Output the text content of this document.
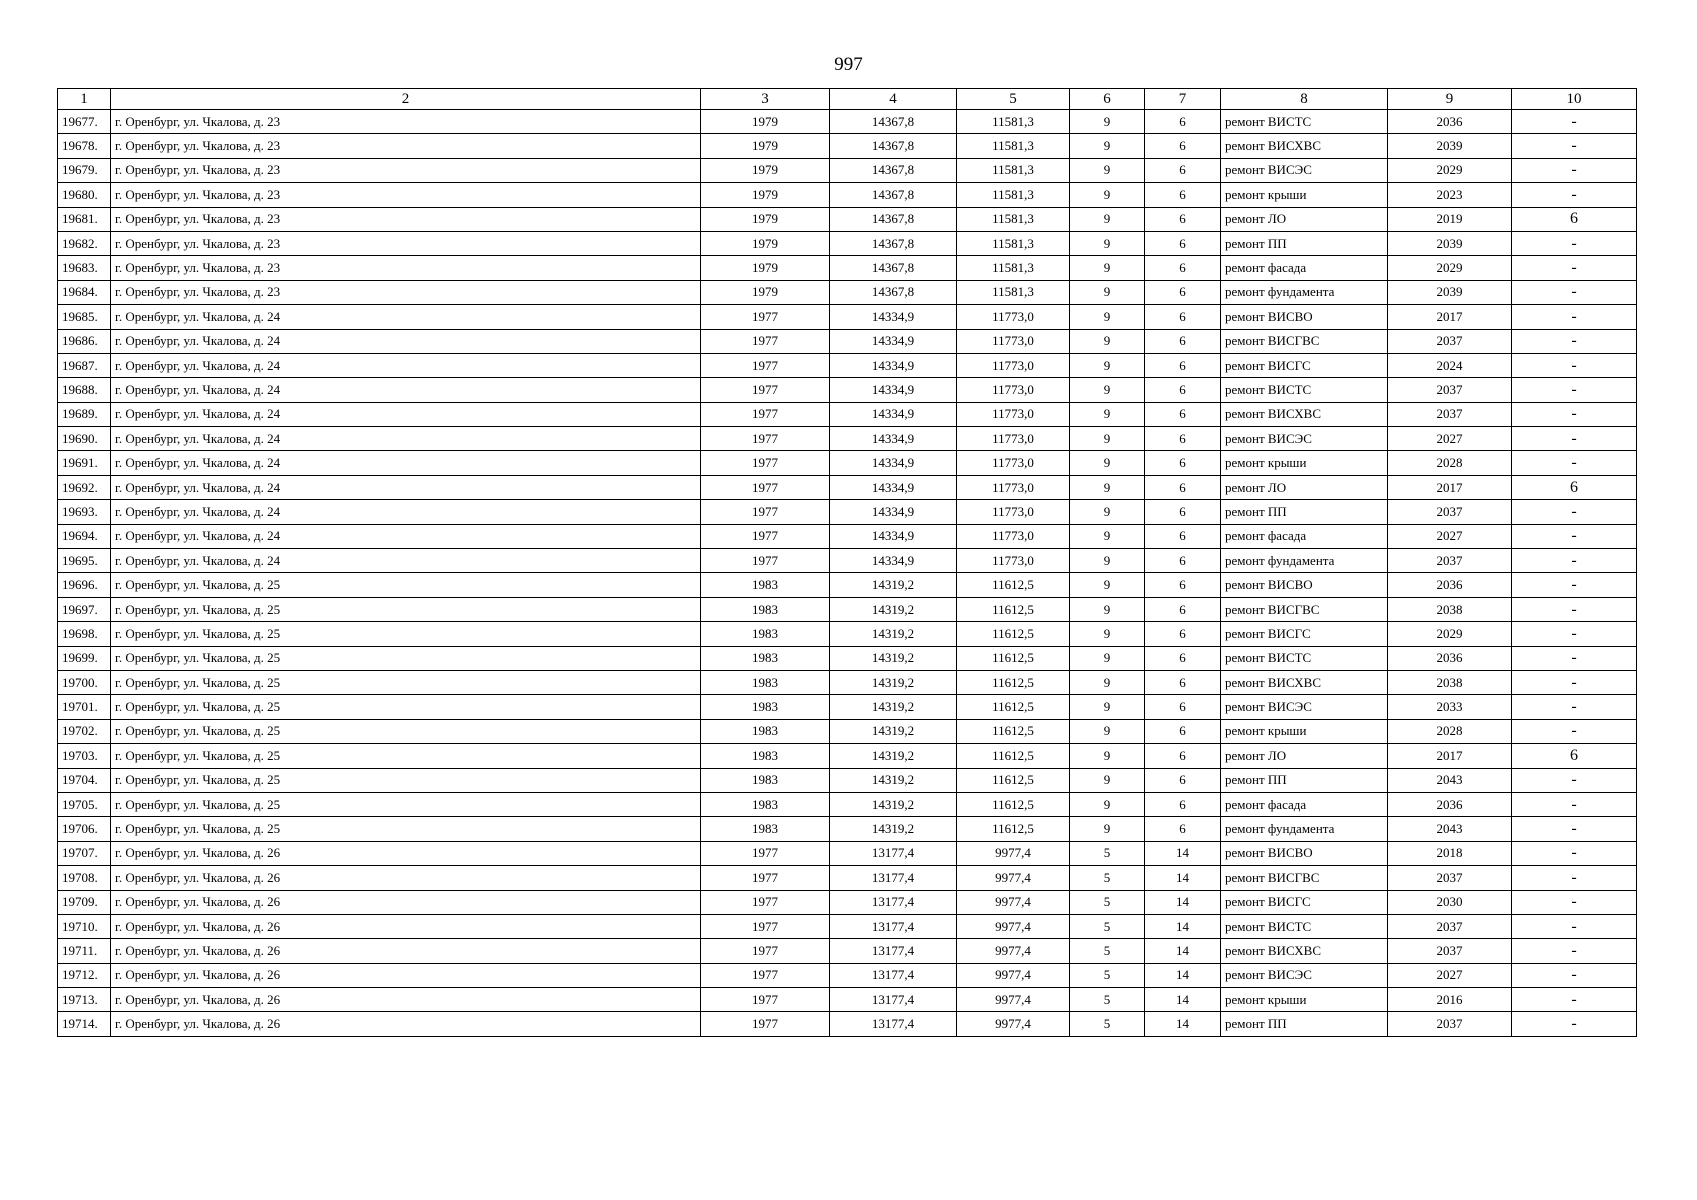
997
1	2	3	4	5	6	7	8	9	10
19677.	г. Оренбург, ул. Чкалова, д. 23	1979	14367,8	11581,3	9	6	ремонт ВИСТС	2036	-
19678.	г. Оренбург, ул. Чкалова, д. 23	1979	14367,8	11581,3	9	6	ремонт ВИСХВС	2039	-
19679.	г. Оренбург, ул. Чкалова, д. 23	1979	14367,8	11581,3	9	6	ремонт ВИСЭС	2029	-
19680.	г. Оренбург, ул. Чкалова, д. 23	1979	14367,8	11581,3	9	6	ремонт крыши	2023	-
19681.	г. Оренбург, ул. Чкалова, д. 23	1979	14367,8	11581,3	9	6	ремонт ЛО	2019	6
19682.	г. Оренбург, ул. Чкалова, д. 23	1979	14367,8	11581,3	9	6	ремонт ПП	2039	-
19683.	г. Оренбург, ул. Чкалова, д. 23	1979	14367,8	11581,3	9	6	ремонт фасада	2029	-
19684.	г. Оренбург, ул. Чкалова, д. 23	1979	14367,8	11581,3	9	6	ремонт фундамента	2039	-
19685.	г. Оренбург, ул. Чкалова, д. 24	1977	14334,9	11773,0	9	6	ремонт ВИСВО	2017	-
19686.	г. Оренбург, ул. Чкалова, д. 24	1977	14334,9	11773,0	9	6	ремонт ВИСГВС	2037	-
19687.	г. Оренбург, ул. Чкалова, д. 24	1977	14334,9	11773,0	9	6	ремонт ВИСГС	2024	-
19688.	г. Оренбург, ул. Чкалова, д. 24	1977	14334,9	11773,0	9	6	ремонт ВИСТС	2037	-
19689.	г. Оренбург, ул. Чкалова, д. 24	1977	14334,9	11773,0	9	6	ремонт ВИСХВС	2037	-
19690.	г. Оренбург, ул. Чкалова, д. 24	1977	14334,9	11773,0	9	6	ремонт ВИСЭС	2027	-
19691.	г. Оренбург, ул. Чкалова, д. 24	1977	14334,9	11773,0	9	6	ремонт крыши	2028	-
19692.	г. Оренбург, ул. Чкалова, д. 24	1977	14334,9	11773,0	9	6	ремонт ЛО	2017	6
19693.	г. Оренбург, ул. Чкалова, д. 24	1977	14334,9	11773,0	9	6	ремонт ПП	2037	-
19694.	г. Оренбург, ул. Чкалова, д. 24	1977	14334,9	11773,0	9	6	ремонт фасада	2027	-
19695.	г. Оренбург, ул. Чкалова, д. 24	1977	14334,9	11773,0	9	6	ремонт фундамента	2037	-
19696.	г. Оренбург, ул. Чкалова, д. 25	1983	14319,2	11612,5	9	6	ремонт ВИСВО	2036	-
19697.	г. Оренбург, ул. Чкалова, д. 25	1983	14319,2	11612,5	9	6	ремонт ВИСГВС	2038	-
19698.	г. Оренбург, ул. Чкалова, д. 25	1983	14319,2	11612,5	9	6	ремонт ВИСГС	2029	-
19699.	г. Оренбург, ул. Чкалова, д. 25	1983	14319,2	11612,5	9	6	ремонт ВИСТС	2036	-
19700.	г. Оренбург, ул. Чкалова, д. 25	1983	14319,2	11612,5	9	6	ремонт ВИСХВС	2038	-
19701.	г. Оренбург, ул. Чкалова, д. 25	1983	14319,2	11612,5	9	6	ремонт ВИСЭС	2033	-
19702.	г. Оренбург, ул. Чкалова, д. 25	1983	14319,2	11612,5	9	6	ремонт крыши	2028	-
19703.	г. Оренбург, ул. Чкалова, д. 25	1983	14319,2	11612,5	9	6	ремонт ЛО	2017	6
19704.	г. Оренбург, ул. Чкалова, д. 25	1983	14319,2	11612,5	9	6	ремонт ПП	2043	-
19705.	г. Оренбург, ул. Чкалова, д. 25	1983	14319,2	11612,5	9	6	ремонт фасада	2036	-
19706.	г. Оренбург, ул. Чкалова, д. 25	1983	14319,2	11612,5	9	6	ремонт фундамента	2043	-
19707.	г. Оренбург, ул. Чкалова, д. 26	1977	13177,4	9977,4	5	14	ремонт ВИСВО	2018	-
19708.	г. Оренбург, ул. Чкалова, д. 26	1977	13177,4	9977,4	5	14	ремонт ВИСГВС	2037	-
19709.	г. Оренбург, ул. Чкалова, д. 26	1977	13177,4	9977,4	5	14	ремонт ВИСГС	2030	-
19710.	г. Оренбург, ул. Чкалова, д. 26	1977	13177,4	9977,4	5	14	ремонт ВИСТС	2037	-
19711.	г. Оренбург, ул. Чкалова, д. 26	1977	13177,4	9977,4	5	14	ремонт ВИСХВС	2037	-
19712.	г. Оренбург, ул. Чкалова, д. 26	1977	13177,4	9977,4	5	14	ремонт ВИСЭС	2027	-
19713.	г. Оренбург, ул. Чкалова, д. 26	1977	13177,4	9977,4	5	14	ремонт крыши	2016	-
19714.	г. Оренбург, ул. Чкалова, д. 26	1977	13177,4	9977,4	5	14	ремонт ПП	2037	-
